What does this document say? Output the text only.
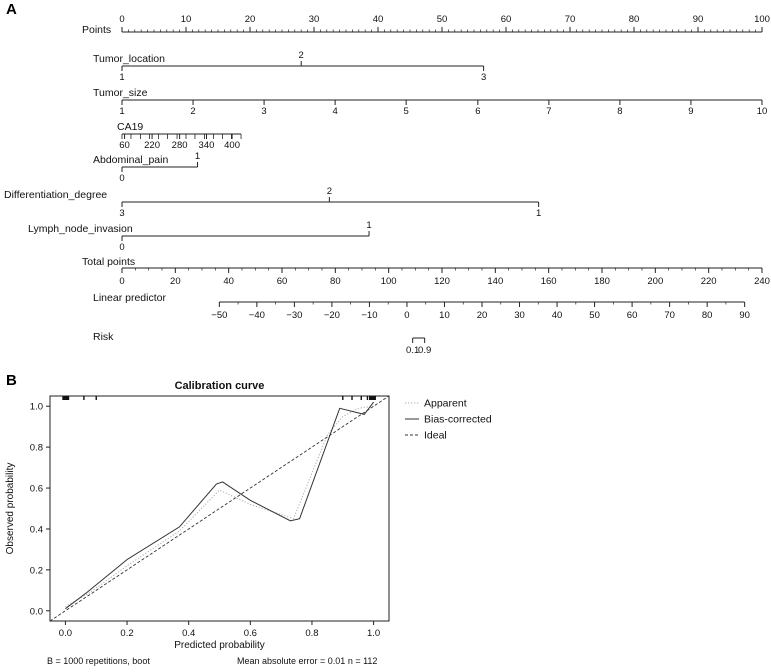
A
B
Points
0	10	20	30	40	50	60	70	80	90	100
Tumor_location
1
2
3
Tumor_size
1	2	3	4	5	6	7	8	9	10
CA19
60 220 280 340 400
Abdominal_pain
0
1
Differentiation_degree
3
2
1
Lymph_node_invasion
0
1
Total points
0	20	40	60	80	100	120	140	160	180	200	220	240
Linear predictor
−50 −40 −30 −20 −10	0	10	20	30	40	50	60	70	80	90
Risk
0.1
0.9
Calibration curve
0.0	0.2	0.4	0.6	0.8	1.0
0.0
0.2
0.4
0.6
0.8
1.0
Predicted probability
Observed probability
Apparent
Bias-corrected
Ideal
B = 1000 repetitions, boot	Mean absolute error = 0.01 n = 112
